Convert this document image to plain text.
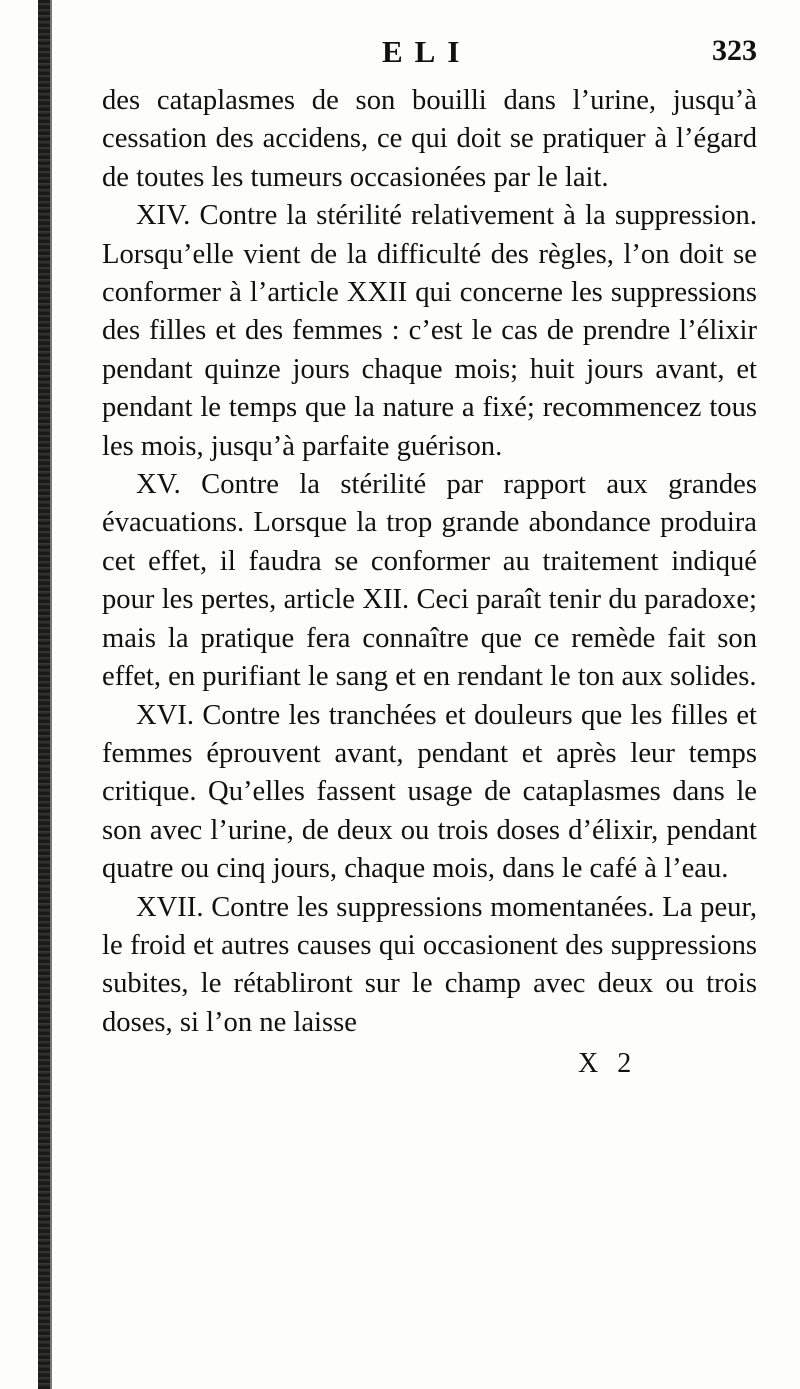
ELI	323

des cataplasmes de son bouilli dans l’urine, jusqu’à cessation des accidens, ce qui doit se pratiquer à l’égard de toutes les tumeurs occasionées par le lait.

XIV. Contre la stérilité relativement à la suppression. Lorsqu’elle vient de la difficulté des règles, l’on doit se conformer à l’article XXII qui concerne les suppressions des filles et des femmes : c’est le cas de prendre l’élixir pendant quinze jours chaque mois; huit jours avant, et pendant le temps que la nature a fixé; recommencez tous les mois, jusqu’à parfaite guérison.

XV. Contre la stérilité par rapport aux grandes évacuations. Lorsque la trop grande abondance produira cet effet, il faudra se conformer au traitement indiqué pour les pertes, article XII. Ceci paraît tenir du paradoxe; mais la pratique fera connaître que ce remède fait son effet, en purifiant le sang et en rendant le ton aux solides.

XVI. Contre les tranchées et douleurs que les filles et femmes éprouvent avant, pendant et après leur temps critique. Qu’elles fassent usage de cataplasmes dans le son avec l’urine, de deux ou trois doses d’élixir, pendant quatre ou cinq jours, chaque mois, dans le café à l’eau.

XVII. Contre les suppressions momentanées. La peur, le froid et autres causes qui occasionent des suppressions subites, le rétabliront sur le champ avec deux ou trois doses, si l’on ne laisse

X 2
